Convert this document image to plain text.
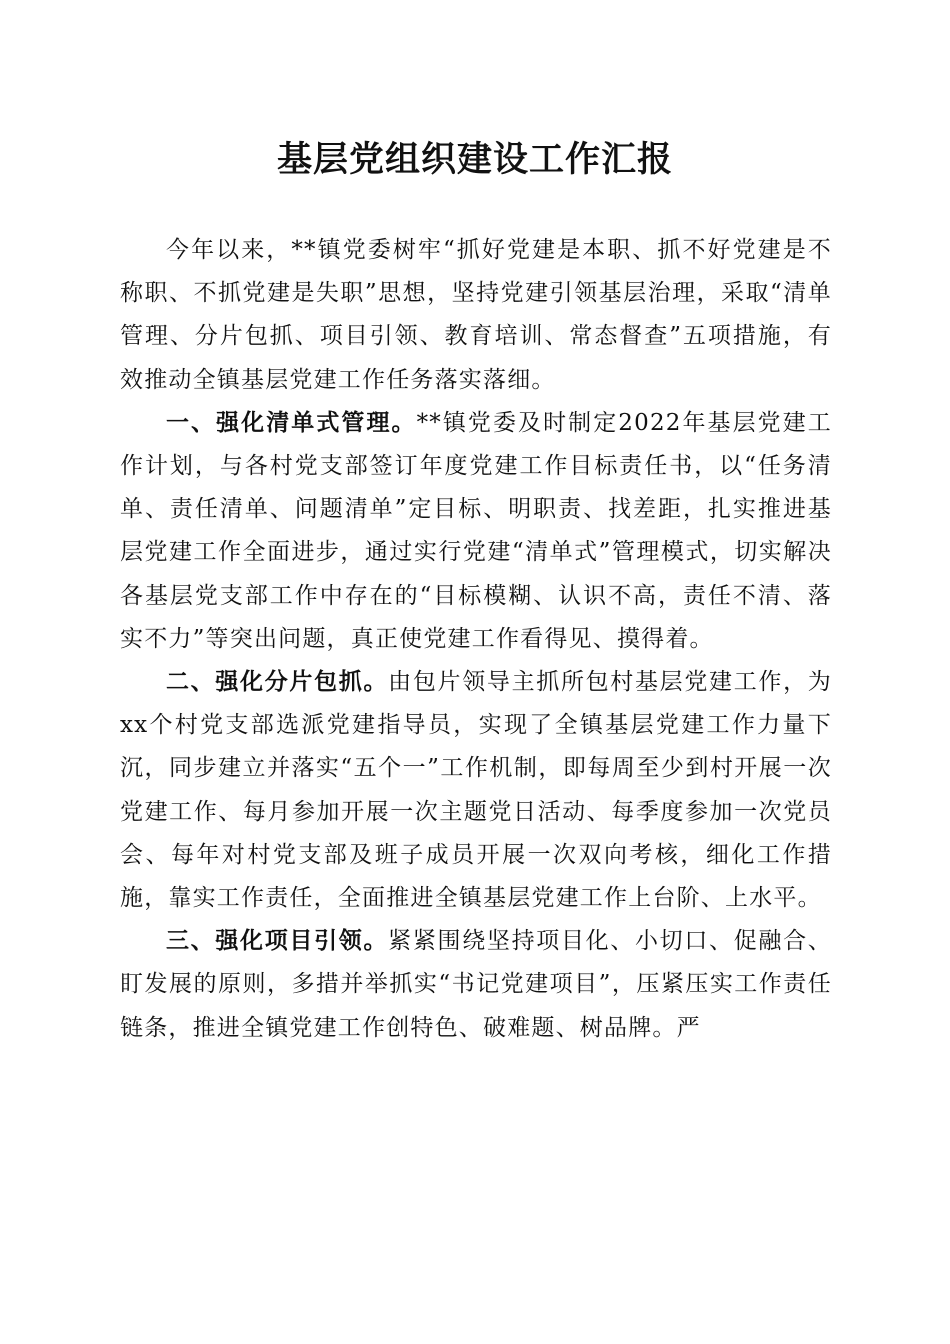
基层党组织建设工作汇报

今年以来，**镇党委树牢“抓好党建是本职、抓不好党建是不称职、不抓党建是失职”思想，坚持党建引领基层治理，采取“清单管理、分片包抓、项目引领、教育培训、常态督查”五项措施，有效推动全镇基层党建工作任务落实落细。

一、强化清单式管理。**镇党委及时制定2022年基层党建工作计划，与各村党支部签订年度党建工作目标责任书，以“任务清单、责任清单、问题清单”定目标、明职责、找差距，扎实推进基层党建工作全面进步，通过实行党建“清单式”管理模式，切实解决各基层党支部工作中存在的“目标模糊、认识不高，责任不清、落实不力”等突出问题，真正使党建工作看得见、摸得着。

二、强化分片包抓。由包片领导主抓所包村基层党建工作，为xx个村党支部选派党建指导员，实现了全镇基层党建工作力量下沉，同步建立并落实“五个一”工作机制，即每周至少到村开展一次党建工作、每月参加开展一次主题党日活动、每季度参加一次党员会、每年对村党支部及班子成员开展一次双向考核，细化工作措施，靠实工作责任，全面推进全镇基层党建工作上台阶、上水平。

三、强化项目引领。紧紧围绕坚持项目化、小切口、促融合、盯发展的原则，多措并举抓实“书记党建项目”，压紧压实工作责任链条，推进全镇党建工作创特色、破难题、树品牌。严
